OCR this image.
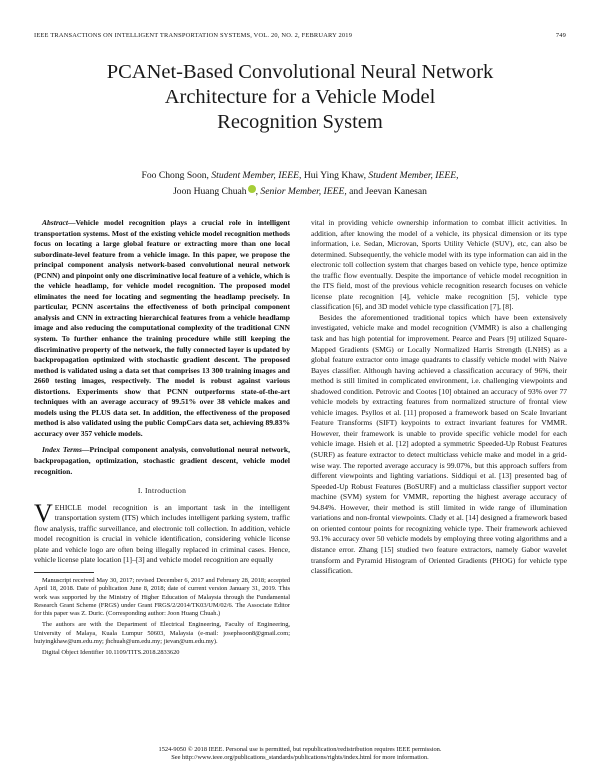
IEEE TRANSACTIONS ON INTELLIGENT TRANSPORTATION SYSTEMS, VOL. 20, NO. 2, FEBRUARY 2019	749
PCANet-Based Convolutional Neural Network
Architecture for a Vehicle Model
Recognition System
Foo Chong Soon, Student Member, IEEE, Hui Ying Khaw, Student Member, IEEE,
Joon Huang Chuah , Senior Member, IEEE, and Jeevan Kanesan

Abstract—Vehicle model recognition plays a crucial role in intelligent transportation systems. Most of the existing vehicle model recognition methods focus on locating a large global feature or extracting more than one local subordinate-level feature from a vehicle image. In this paper, we propose the principal component analysis network-based convolutional neural network (PCNN) and pinpoint only one discriminative local feature of a vehicle, which is the vehicle headlamp, for vehicle model recognition. The proposed model eliminates the need for locating and segmenting the headlamp precisely. In particular, PCNN ascertains the effectiveness of both principal component analysis and CNN in extracting hierarchical features from a vehicle headlamp image and also reducing the computational complexity of the traditional CNN system. To further enhance the training procedure while still keeping the discriminative property of the network, the fully connected layer is updated by backpropagation optimized with stochastic gradient descent. The proposed method is validated using a data set that comprises 13 300 training images and 2660 testing images, respectively. The model is robust against various distortions. Experiments show that PCNN outperforms state-of-the-art techniques with an average accuracy of 99.51% over 38 vehicle makes and models using the PLUS data set. In addition, the effectiveness of the proposed method is also validated using the public CompCars data set, achieving 89.83% accuracy over 357 vehicle models.

Index Terms—Principal component analysis, convolutional neural network, backpropagation, optimization, stochastic gradient descent, vehicle model recognition.

I. Introduction

VEHICLE model recognition is an important task in the intelligent transportation system (ITS) which includes intelligent parking system, traffic flow analysis, traffic surveillance, and electronic toll collection. In addition, vehicle model recognition is crucial in vehicle identification, considering vehicle license plate and vehicle logo are often being illegally replaced in criminal cases. Hence, vehicle license plate location [1]–[3] and vehicle model recognition are equally

Manuscript received May 30, 2017; revised December 6, 2017 and February 28, 2018; accepted April 18, 2018. Date of publication June 8, 2018; date of current version January 31, 2019. This work was supported by the Ministry of Higher Education of Malaysia through the Fundamental Research Grant Scheme (FRGS) under Grant FRGS/2/2014/TK03/UM/02/6. The Associate Editor for this paper was Z. Duric. (Corresponding author: Joon Huang Chuah.)

The authors are with the Department of Electrical Engineering, Faculty of Engineering, University of Malaya, Kuala Lumpur 50603, Malaysia (e-mail: josephsoon8@gmail.com; huiyingkhaw@um.edu.my; jhchuah@um.edu.my; jievan@um.edu.my).

Digital Object Identifier 10.1109/TITS.2018.2833620

vital in providing vehicle ownership information to combat illicit activities. In addition, after knowing the model of a vehicle, its physical dimension or its type information, i.e. Sedan, Microvan, Sports Utility Vehicle (SUV), etc, can also be determined. Subsequently, the vehicle model with its type information can aid in the electronic toll collection system that charges based on vehicle type, hence optimize the traffic flow eventually. Despite the importance of vehicle model recognition in the ITS field, most of the previous vehicle recognition research focuses on vehicle license plate recognition [4], vehicle make recognition [5], vehicle type classification [6], and 3D model vehicle type classification [7], [8].

Besides the aforementioned traditional topics which have been extensively investigated, vehicle make and model recognition (VMMR) is also a challenging task and has high potential for improvement. Pearce and Pears [9] utilized Square-Mapped Gradients (SMG) or Locally Normalized Harris Strength (LNHS) as a global feature extractor onto image quadrants to classify vehicle model with Naive Bayes classifier. Although having achieved a classification accuracy of 96%, their method is still limited in complicated environment, i.e. challenging viewpoints and shadowed condition. Petrovic and Cootes [10] obtained an accuracy of 93% over 77 vehicle models by extracting features from normalized structure of frontal view vehicle images. Psyllos et al. [11] proposed a framework based on Scale Invariant Feature Transforms (SIFT) keypoints to extract invariant features for VMMR. However, their framework is unable to provide specific vehicle model for each vehicle image. Hsieh et al. [12] adopted a symmetric Speeded-Up Robust Features (SURF) as feature extractor to detect multiclass vehicle make and model in a grid-wise way. The reported average accuracy is 99.07%, but this approach suffers from different viewpoints and lighting variations. Siddiqui et al. [13] presented bag of Speeded-Up Robust Features (BoSURF) and a multiclass classifier support vector machine (SVM) system for VMMR, reporting the highest average accuracy of 94.84%. However, their method is still limited in wide range of illumination variations and non-frontal viewpoints. Clady et al. [14] designed a framework based on oriented contour points for recognizing vehicle type. Their framework achieved 93.1% accuracy over 50 vehicle models by employing three voting algorithms and a distance error. Zhang [15] studied two feature extractors, namely Gabor wavelet transform and Pyramid Histogram of Oriented Gradients (PHOG) for vehicle type classification.

1524-9050 © 2018 IEEE. Personal use is permitted, but republication/redistribution requires IEEE permission.
See http://www.ieee.org/publications_standards/publications/rights/index.html for more information.
